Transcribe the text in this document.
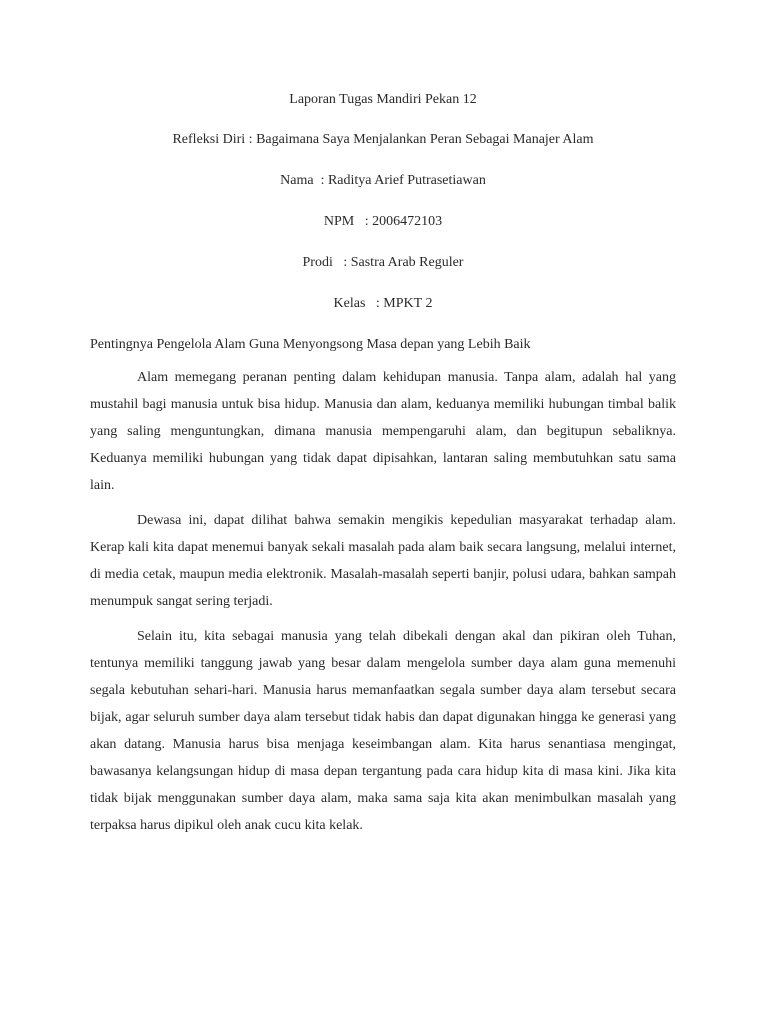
Laporan Tugas Mandiri Pekan 12
Refleksi Diri : Bagaimana Saya Menjalankan Peran Sebagai Manajer Alam
Nama  : Raditya Arief Putrasetiawan
NPM   : 2006472103
Prodi   : Sastra Arab Reguler
Kelas   : MPKT 2
Pentingnya Pengelola Alam Guna Menyongsong Masa depan yang Lebih Baik

Alam memegang peranan penting dalam kehidupan manusia. Tanpa alam, adalah hal yang mustahil bagi manusia untuk bisa hidup. Manusia dan alam, keduanya memiliki hubungan timbal balik yang saling menguntungkan, dimana manusia mempengaruhi alam, dan begitupun sebaliknya. Keduanya memiliki hubungan yang tidak dapat dipisahkan, lantaran saling membutuhkan satu sama lain.

Dewasa ini, dapat dilihat bahwa semakin mengikis kepedulian masyarakat terhadap alam. Kerap kali kita dapat menemui banyak sekali masalah pada alam baik secara langsung, melalui internet, di media cetak, maupun media elektronik. Masalah-masalah seperti banjir, polusi udara, bahkan sampah menumpuk sangat sering terjadi.

Selain itu, kita sebagai manusia yang telah dibekali dengan akal dan pikiran oleh Tuhan, tentunya memiliki tanggung jawab yang besar dalam mengelola sumber daya alam guna memenuhi segala kebutuhan sehari-hari. Manusia harus memanfaatkan segala sumber daya alam tersebut secara bijak, agar seluruh sumber daya alam tersebut tidak habis dan dapat digunakan hingga ke generasi yang akan datang. Manusia harus bisa menjaga keseimbangan alam. Kita harus senantiasa mengingat, bawasanya kelangsungan hidup di masa depan tergantung pada cara hidup kita di masa kini. Jika kita tidak bijak menggunakan sumber daya alam, maka sama saja kita akan menimbulkan masalah yang terpaksa harus dipikul oleh anak cucu kita kelak.
